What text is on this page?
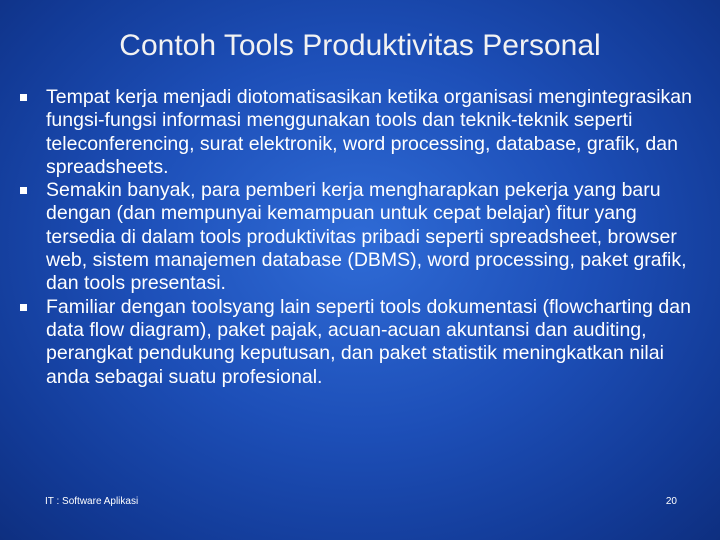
Contoh Tools Produktivitas Personal
Tempat kerja menjadi diotomatisasikan ketika organisasi mengintegrasikan fungsi-fungsi informasi menggunakan tools dan teknik-teknik seperti teleconferencing, surat elektronik, word processing, database, grafik, dan spreadsheets.
Semakin banyak, para pemberi kerja mengharapkan pekerja yang baru dengan (dan mempunyai kemampuan untuk cepat belajar) fitur yang tersedia di dalam tools produktivitas pribadi seperti spreadsheet, browser web, sistem manajemen database (DBMS), word processing, paket grafik, dan tools presentasi.
Familiar dengan toolsyang lain seperti tools dokumentasi (flowcharting dan data flow diagram), paket pajak, acuan-acuan akuntansi dan auditing, perangkat pendukung keputusan, dan paket statistik meningkatkan nilai anda sebagai suatu profesional.
IT : Software Aplikasi	20
